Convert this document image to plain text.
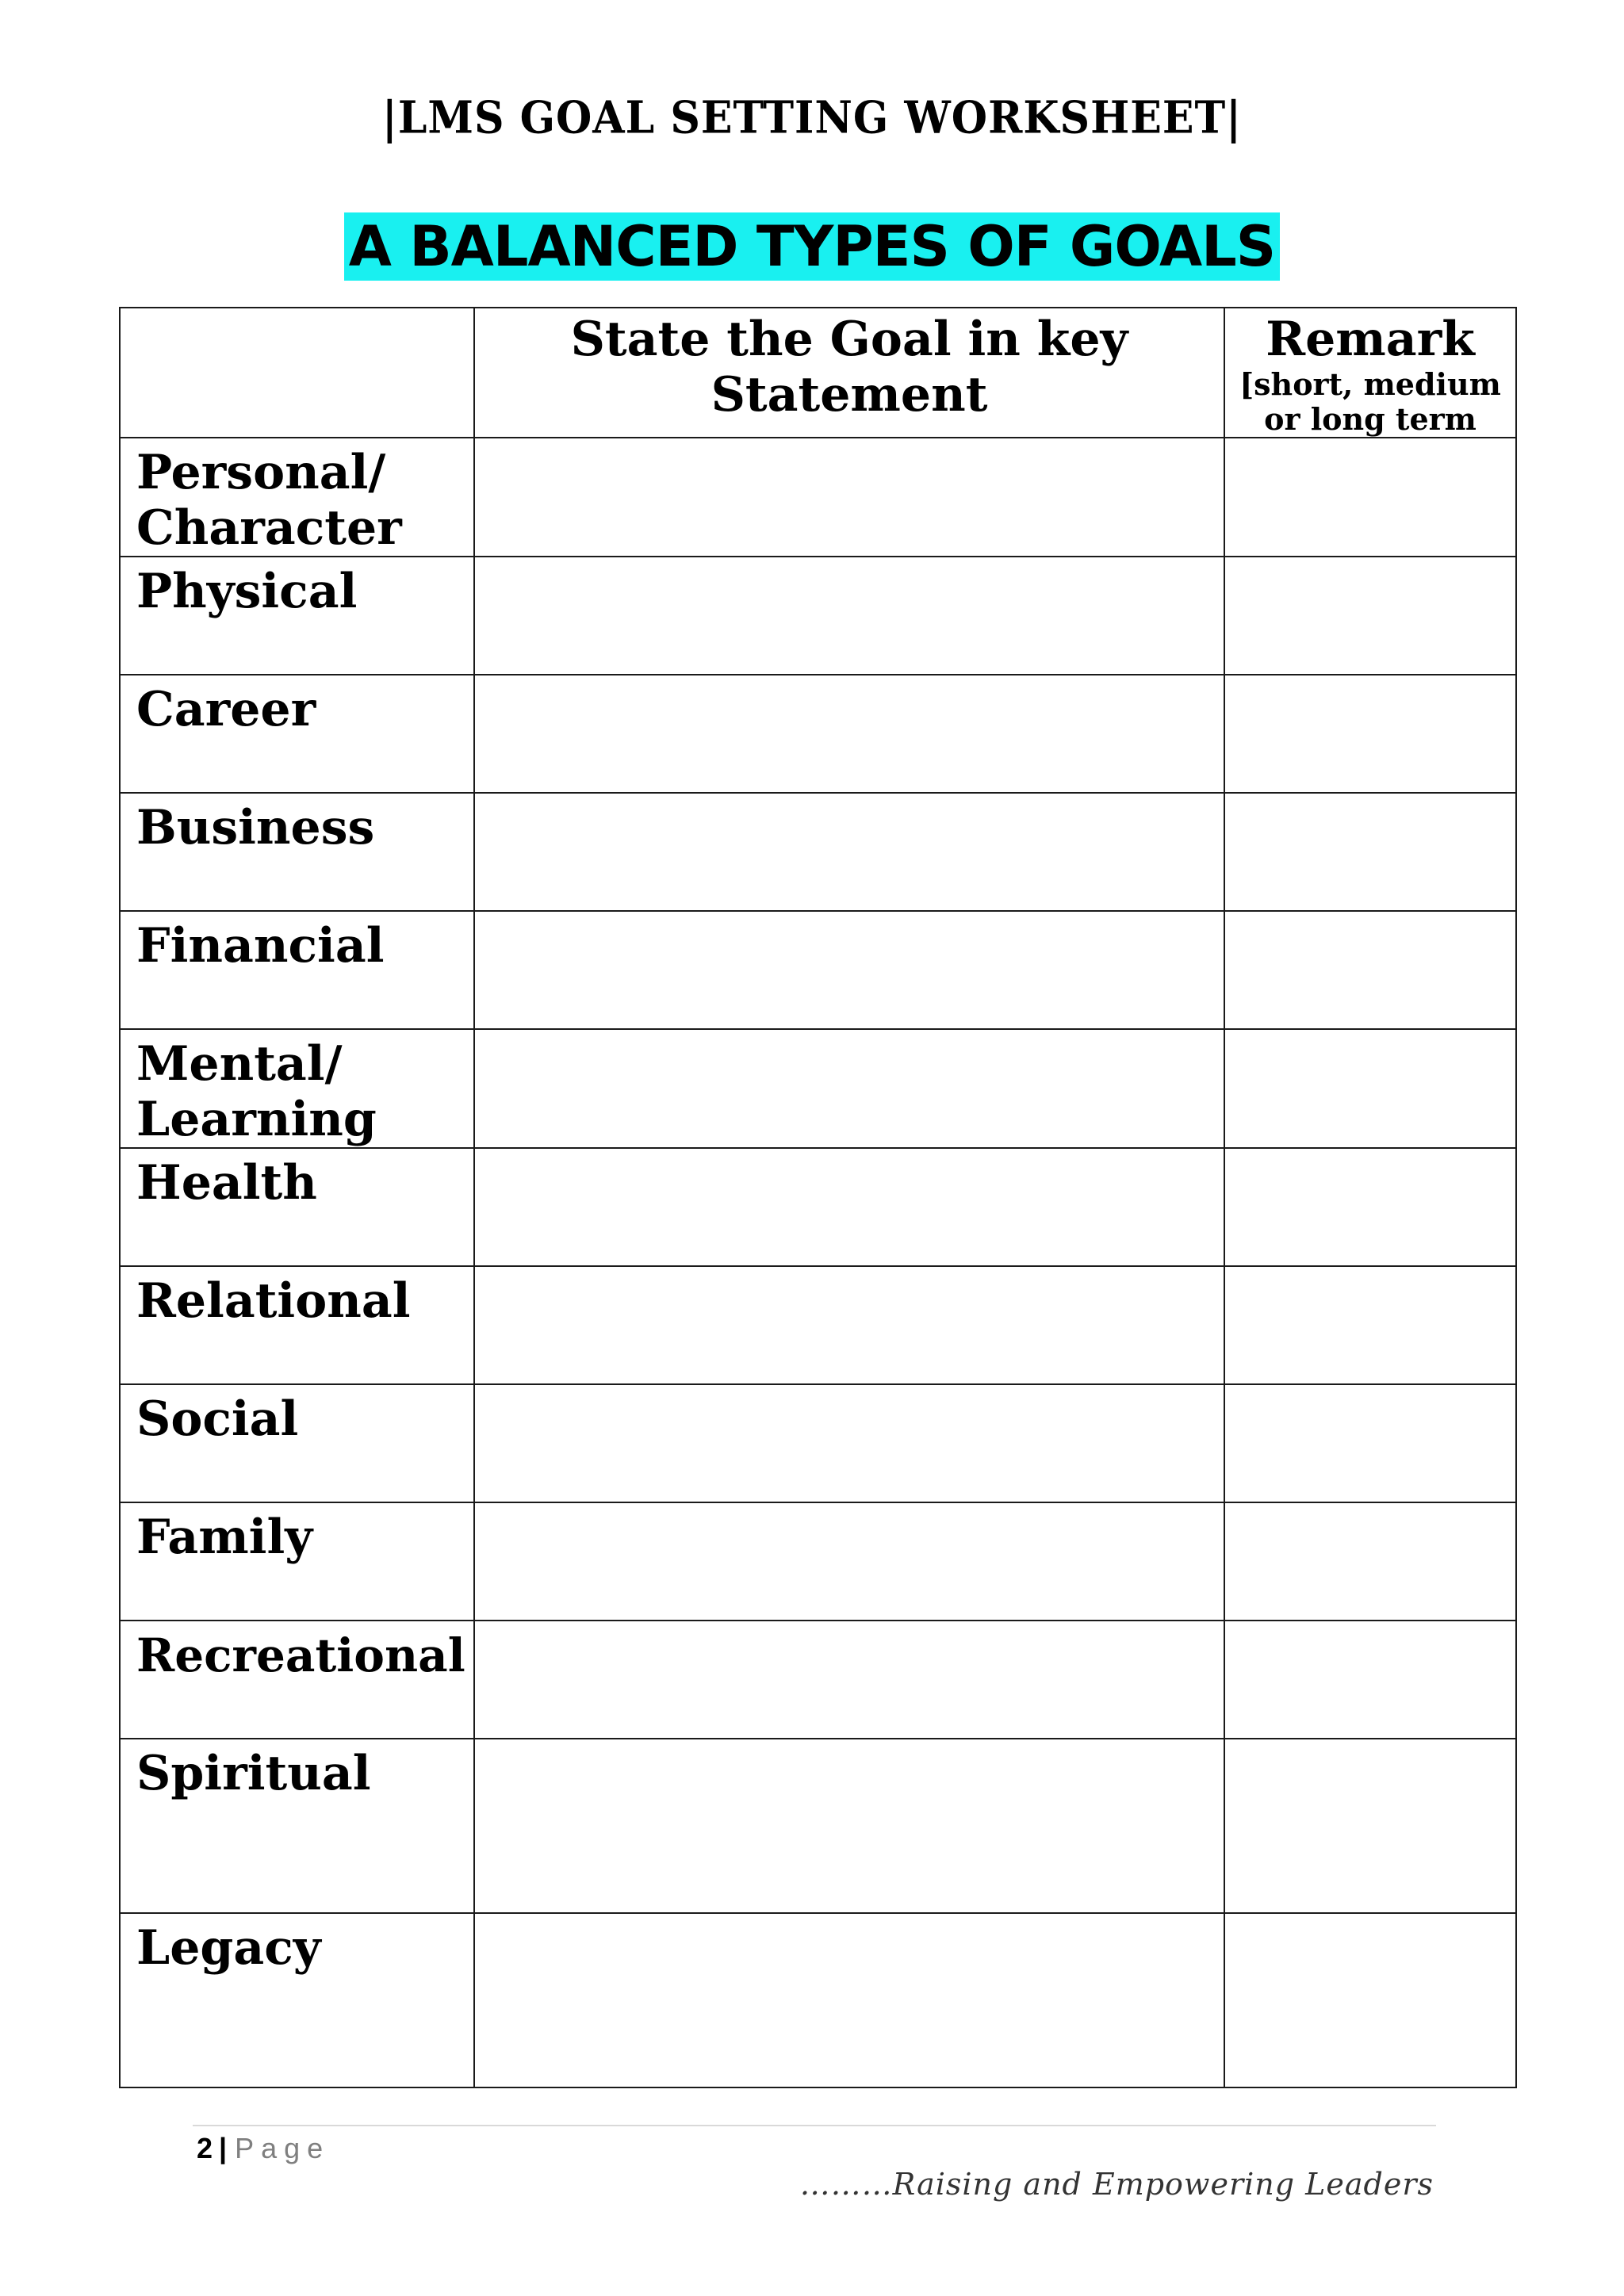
|LMS GOAL SETTING WORKSHEET|
A BALANCED TYPES OF GOALS
	State the Goal in key Statement	Remark
[short, medium or long term

Personal/ Character		
Physical		
Career		
Business		
Financial		
Mental/ Learning		
Health		
Relational		
Social		
Family		
Recreational		
Spiritual		
Legacy		
2 | Page
………Raising and Empowering Leaders
